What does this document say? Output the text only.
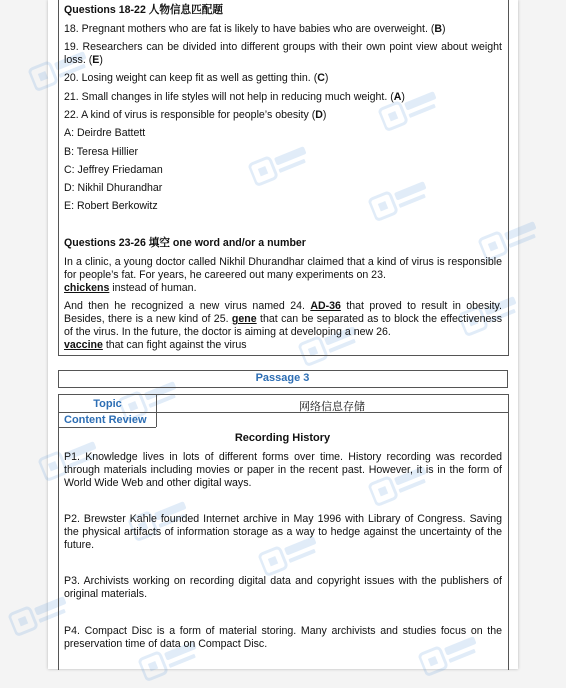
Questions 18-22 人物信息匹配题
18. Pregnant mothers who are fat is likely to have babies who are overweight. (B)
19. Researchers can be divided into different groups with their own point view about weight loss. (E)
20. Losing weight can keep fit as well as getting thin. (C)
21. Small changes in life styles will not help in reducing much weight. (A)
22. A kind of virus is responsible for people’s obesity (D)
A: Deirdre Battett
B: Teresa Hillier
C: Jeffrey Friedaman
D: Nikhil Dhurandhar
E: Robert Berkowitz
Questions 23-26 填空 one word and/or a number
In a clinic, a young doctor called Nikhil Dhurandhar claimed that a kind of virus is responsible for people’s fat. For years, he careered out many experiments on 23.
chickens instead of human.
And then he recognized a new virus named 24. AD-36 that proved to result in obesity. Besides, there is a new kind of 25. gene that can be separated as to block the effectiveness of the virus. In the future, the doctor is aiming at developing a new 26.
vaccine that can fight against the virus
Passage 3
Topic	网络信息存储
Content Review
Recording History
P1. Knowledge lives in lots of different forms over time. History recording was recorded through materials including movies or paper in the recent past. However, it is in the form of World Wide Web and other digital ways.
P2. Brewster Kahle founded Internet archive in May 1996 with Library of Congress. Saving the physical artifacts of information storage as a way to hedge against the uncertainty of the future.
P3. Archivists working on recording digital data and copyright issues with the publishers of original materials.
P4. Compact Disc is a form of material storing. Many archivists and studies focus on the preservation time of data on Compact Disc.
